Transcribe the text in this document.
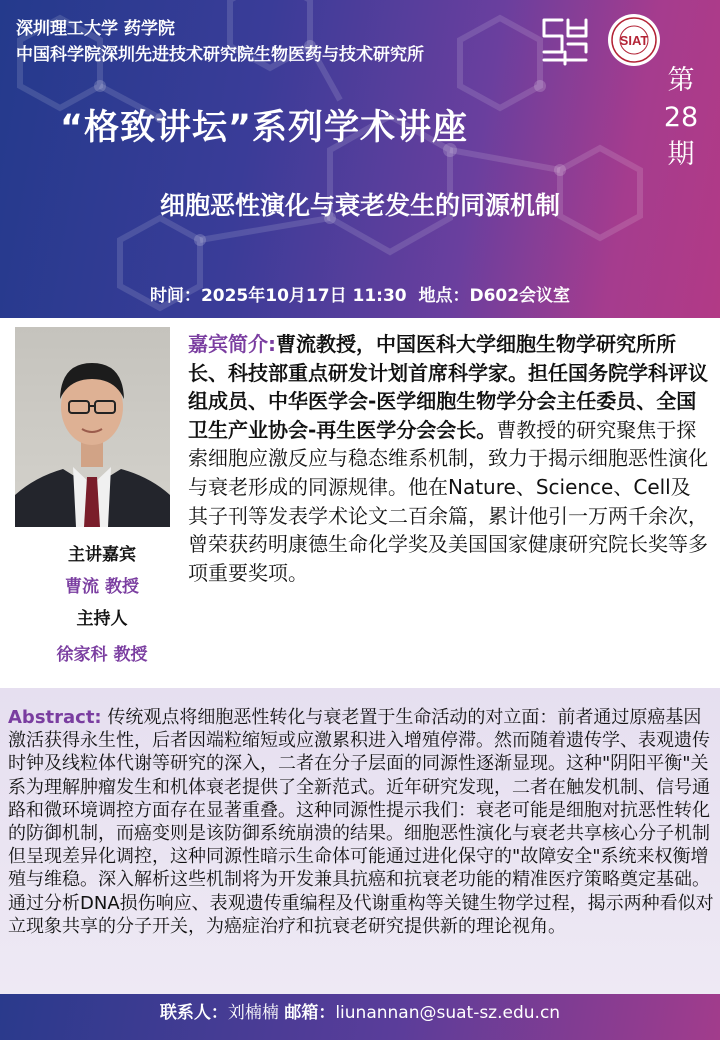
深圳理工大学 药学院
中国科学院深圳先进技术研究院生物医药与技术研究所
SIAT
“格致讲坛”系列学术讲座
第
28
期
细胞恶性演化与衰老发生的同源机制
时间：2025年10月17日 11:30 地点：D602会议室
主讲嘉宾
曹流 教授
主持人
徐家科 教授
嘉宾简介:曹流教授，中国医科大学细胞生物学研究所所长、科技部重点研发计划首席科学家。担任国务院学科评议组成员、中华医学会-医学细胞生物学分会主任委员、全国卫生产业协会-再生医学分会会长。曹教授的研究聚焦于探索细胞应激反应与稳态维系机制，致力于揭示细胞恶性演化与衰老形成的同源规律。他在Nature、Science、Cell及其子刊等发表学术论文二百余篇，累计他引一万两千余次，曾荣获药明康德生命化学奖及美国国家健康研究院长奖等多项重要奖项。
Abstract: 传统观点将细胞恶性转化与衰老置于生命活动的对立面：前者通过原癌基因激活获得永生性，后者因端粒缩短或应激累积进入增殖停滞。然而随着遗传学、表观遗传时钟及线粒体代谢等研究的深入，二者在分子层面的同源性逐渐显现。这种"阴阳平衡"关系为理解肿瘤发生和机体衰老提供了全新范式。近年研究发现，二者在触发机制、信号通路和微环境调控方面存在显著重叠。这种同源性提示我们：衰老可能是细胞对抗恶性转化的防御机制，而癌变则是该防御系统崩溃的结果。细胞恶性演化与衰老共享核心分子机制但呈现差异化调控，这种同源性暗示生命体可能通过进化保守的"故障安全"系统来权衡增殖与维稳。深入解析这些机制将为开发兼具抗癌和抗衰老功能的精准医疗策略奠定基础。通过分析DNA损伤响应、表观遗传重编程及代谢重构等关键生物学过程，揭示两种看似对立现象共享的分子开关，为癌症治疗和抗衰老研究提供新的理论视角。
联系人：刘楠楠 邮箱：liunannan@suat-sz.edu.cn
